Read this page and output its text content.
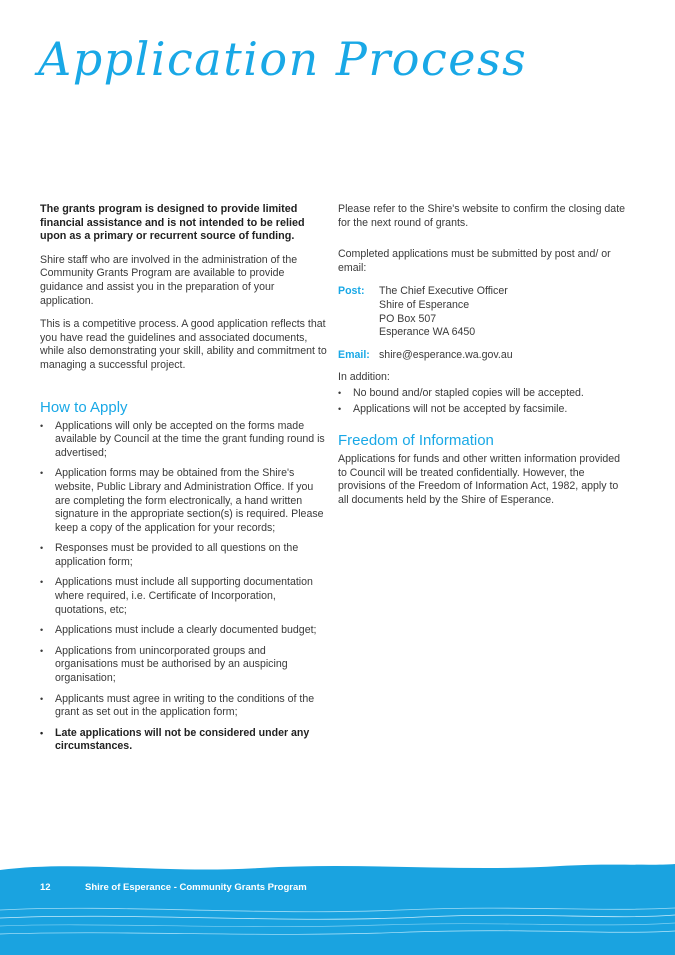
Application Process

The grants program is designed to provide limited financial assistance and is not intended to be relied upon as a primary or recurrent source of funding.

Shire staff who are involved in the administration of the Community Grants Program are available to provide guidance and assist you in the preparation of your application.

This is a competitive process. A good application reflects that you have read the guidelines and associated documents, while also demonstrating your skill, ability and commitment to managing a successful project.

How to Apply
• Applications will only be accepted on the forms made available by Council at the time the grant funding round is advertised;
• Application forms may be obtained from the Shire's website, Public Library and Administration Office. If you are completing the form electronically, a hand written signature in the appropriate section(s) is required. Please keep a copy of the application for your records;
• Responses must be provided to all questions on the application form;
• Applications must include all supporting documentation where required, i.e. Certificate of Incorporation, quotations, etc;
• Applications must include a clearly documented budget;
• Applications from unincorporated groups and organisations must be authorised by an auspicing organisation;
• Applicants must agree in writing to the conditions of the grant as set out in the application form;
• Late applications will not be considered under any circumstances.

Please refer to the Shire's website to confirm the closing date for the next round of grants.

Completed applications must be submitted by post and/ or email:

Post:	The Chief Executive Officer
Shire of Esperance
PO Box 507
Esperance WA 6450
Email: shire@esperance.wa.gov.au

In addition:

• No bound and/or stapled copies will be accepted.
• Applications will not be accepted by facsimile.
Freedom of Information

Applications for funds and other written information provided to Council will be treated confidentially. However, the provisions of the Freedom of Information Act, 1982, apply to all documents held by the Shire of Esperance.

12	Shire of Esperance - Community Grants Program
